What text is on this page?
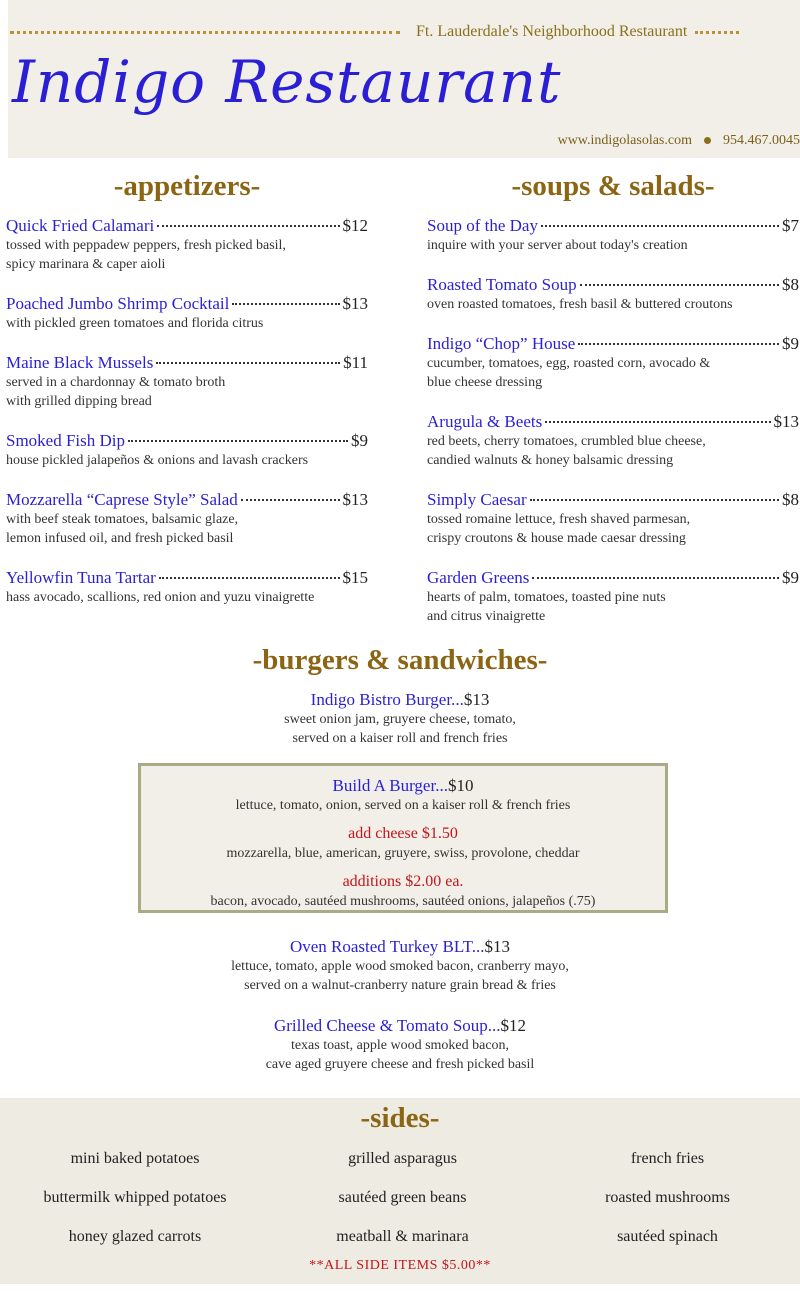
Ft. Lauderdale's Neighborhood Restaurant
Indigo Restaurant
www.indigolasolas.com 954.467.0045
-appetizers-
Quick Fried Calamari	$12
tossed with peppadew peppers, fresh picked basil,
spicy marinara & caper aioli
Poached Jumbo Shrimp Cocktail	$13
with pickled green tomatoes and florida citrus
Maine Black Mussels	$11
served in a chardonnay & tomato broth
with grilled dipping bread
Smoked Fish Dip	$9
house pickled jalapeños & onions and lavash crackers
Mozzarella “Caprese Style” Salad	$13
with beef steak tomatoes, balsamic glaze,
lemon infused oil, and fresh picked basil
Yellowfin Tuna Tartar	$15
hass avocado, scallions, red onion and yuzu vinaigrette
-soups & salads-
Soup of the Day	$7
inquire with your server about today's creation
Roasted Tomato Soup	$8
oven roasted tomatoes, fresh basil & buttered croutons
Indigo “Chop” House	$9
cucumber, tomatoes, egg, roasted corn, avocado &
blue cheese dressing
Arugula & Beets	$13
red beets, cherry tomatoes, crumbled blue cheese,
candied walnuts & honey balsamic dressing
Simply Caesar	$8
tossed romaine lettuce, fresh shaved parmesan,
crispy croutons & house made caesar dressing
Garden Greens	$9
hearts of palm, tomatoes, toasted pine nuts
and citrus vinaigrette
-burgers & sandwiches-
Indigo Bistro Burger...$13
sweet onion jam, gruyere cheese, tomato,
served on a kaiser roll and french fries
Build A Burger...$10
lettuce, tomato, onion, served on a kaiser roll & french fries
add cheese $1.50
mozzarella, blue, american, gruyere, swiss, provolone, cheddar
additions $2.00 ea.
bacon, avocado, sautéed mushrooms, sautéed onions, jalapeños (.75)
Oven Roasted Turkey BLT...$13
lettuce, tomato, apple wood smoked bacon, cranberry mayo,
served on a walnut-cranberry nature grain bread & fries
Grilled Cheese & Tomato Soup...$12
texas toast, apple wood smoked bacon,
cave aged gruyere cheese and fresh picked basil
-sides-
mini baked potatoes	grilled asparagus	french fries
buttermilk whipped potatoes	sautéed green beans	roasted mushrooms
honey glazed carrots	meatball & marinara	sautéed spinach
**ALL SIDE ITEMS $5.00**
